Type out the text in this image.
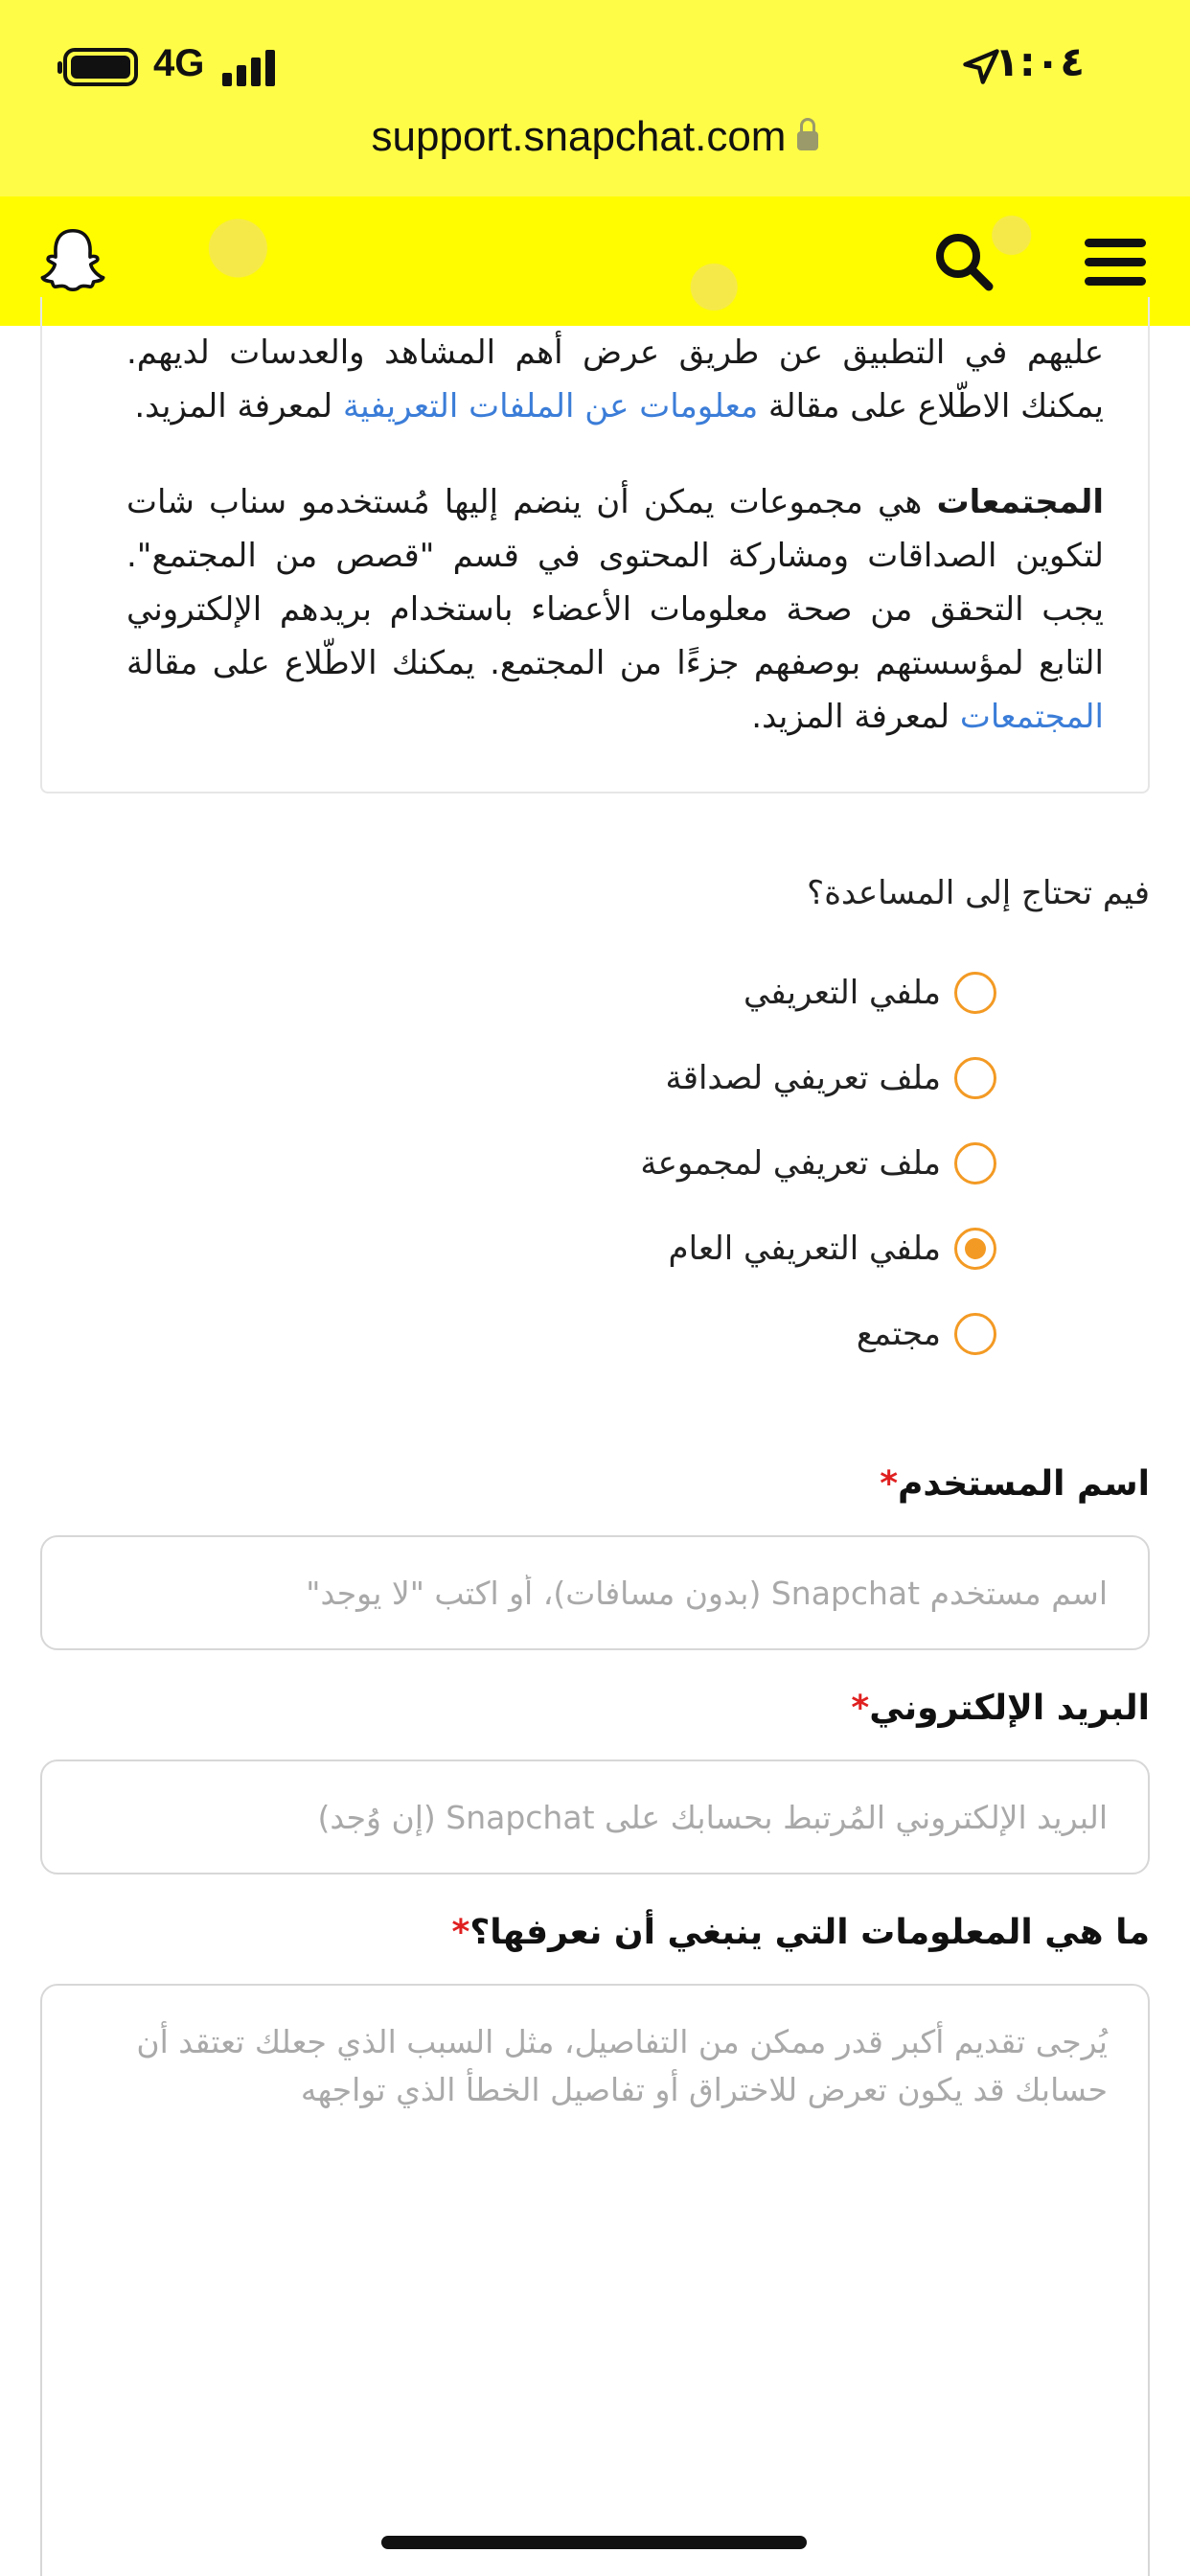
4G	١:٠٤
support.snapchat.com

عليهم في التطبيق عن طريق عرض أهم المشاهد والعدسات لديهم. يمكنك الاطّلاع على مقالة معلومات عن الملفات التعريفية لمعرفة المزيد.

المجتمعات هي مجموعات يمكن أن ينضم إليها مُستخدمو سناب شات لتكوين الصداقات ومشاركة المحتوى في قسم "قصص من المجتمع". يجب التحقق من صحة معلومات الأعضاء باستخدام بريدهم الإلكتروني التابع لمؤسستهم بوصفهم جزءًا من المجتمع. يمكنك الاطّلاع على مقالة المجتمعات لمعرفة المزيد.

فيم تحتاج إلى المساعدة؟
ملفي التعريفي
ملف تعريفي لصداقة
ملف تعريفي لمجموعة
ملفي التعريفي العام
مجتمع
اسم المستخدم*
اسم مستخدم Snapchat (بدون مسافات)، أو اكتب "لا يوجد"
البريد الإلكتروني*
البريد الإلكتروني المُرتبط بحسابك على Snapchat (إن وُجد)
ما هي المعلومات التي ينبغي أن نعرفها؟*
يُرجى تقديم أكبر قدر ممكن من التفاصيل، مثل السبب الذي جعلك تعتقد أن حسابك قد يكون تعرض للاختراق أو تفاصيل الخطأ الذي تواجهه
